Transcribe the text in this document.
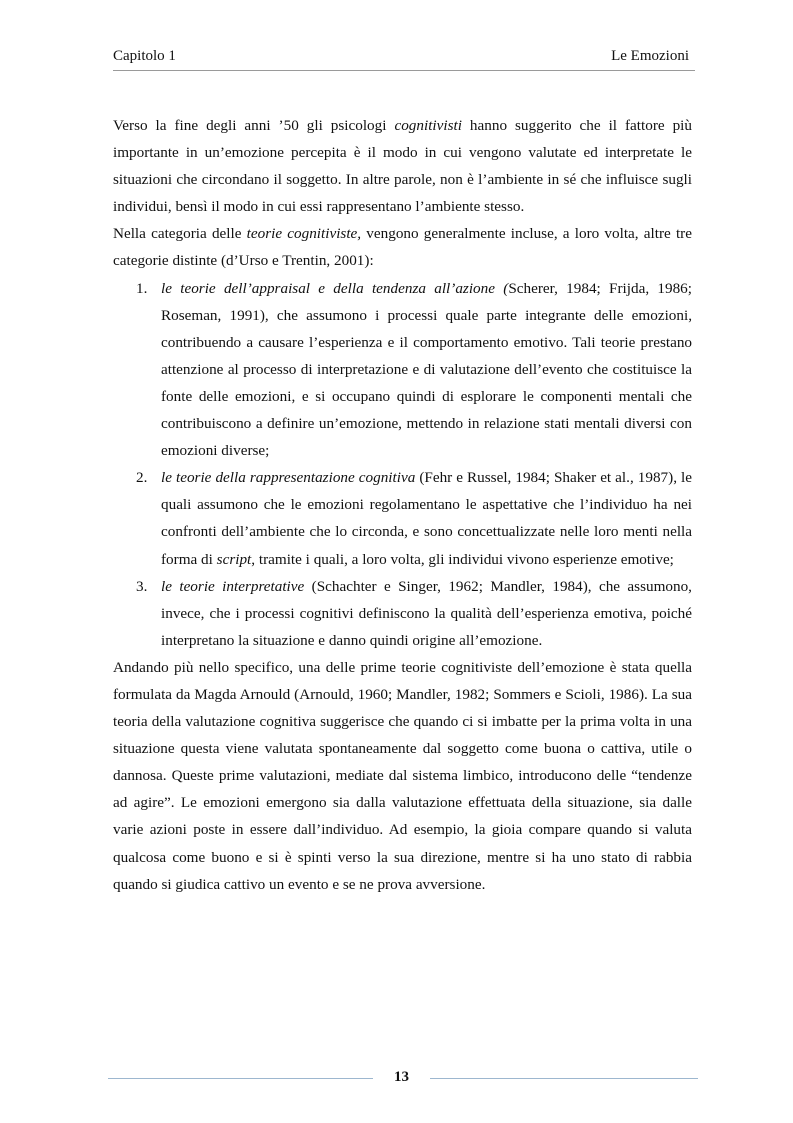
Capitolo 1	Le Emozioni

Verso la fine degli anni ’50 gli psicologi cognitivisti hanno suggerito che il fattore più importante in un’emozione percepita è il modo in cui vengono valutate ed interpretate le situazioni che circondano il soggetto. In altre parole, non è l’ambiente in sé che influisce sugli individui, bensì il modo in cui essi rappresentano l’ambiente stesso.

Nella categoria delle teorie cognitiviste, vengono generalmente incluse, a loro volta, altre tre categorie distinte (d’Urso e Trentin, 2001):

1. le teorie dell’appraisal e della tendenza all’azione (Scherer, 1984; Frijda, 1986; Roseman, 1991), che assumono i processi quale parte integrante delle emozioni, contribuendo a causare l’esperienza e il comportamento emotivo. Tali teorie prestano attenzione al processo di interpretazione e di valutazione dell’evento che costituisce la fonte delle emozioni, e si occupano quindi di esplorare le componenti mentali che contribuiscono a definire un’emozione, mettendo in relazione stati mentali diversi con emozioni diverse;
2. le teorie della rappresentazione cognitiva (Fehr e Russel, 1984; Shaker et al., 1987), le quali assumono che le emozioni regolamentano le aspettative che l’individuo ha nei confronti dell’ambiente che lo circonda, e sono concettualizzate nelle loro menti nella forma di script, tramite i quali, a loro volta, gli individui vivono esperienze emotive;
3. le teorie interpretative (Schachter e Singer, 1962; Mandler, 1984), che assumono, invece, che i processi cognitivi definiscono la qualità dell’esperienza emotiva, poiché interpretano la situazione e danno quindi origine all’emozione.

Andando più nello specifico, una delle prime teorie cognitiviste dell’emozione è stata quella formulata da Magda Arnould (Arnould, 1960; Mandler, 1982; Sommers e Scioli, 1986). La sua teoria della valutazione cognitiva suggerisce che quando ci si imbatte per la prima volta in una situazione questa viene valutata spontaneamente dal soggetto come buona o cattiva, utile o dannosa. Queste prime valutazioni, mediate dal sistema limbico, introducono delle “tendenze ad agire”. Le emozioni emergono sia dalla valutazione effettuata della situazione, sia dalle varie azioni poste in essere dall’individuo. Ad esempio, la gioia compare quando si valuta qualcosa come buono e si è spinti verso la sua direzione, mentre si ha uno stato di rabbia quando si giudica cattivo un evento e se ne prova avversione.

13
